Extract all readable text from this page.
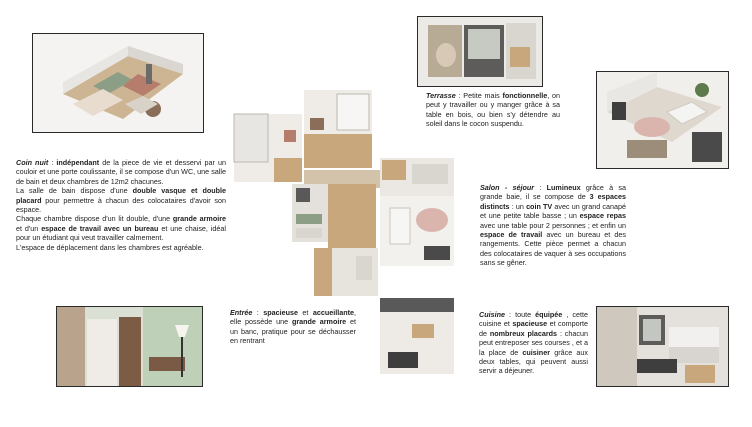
Coin nuit : indépendant de la piece de vie et desservi par un couloir et une porte coulissante, il se compose d'un WC, une salle de bain et deux chambres de 12m2 chacunes.
La salle de bain dispose d'une double vasque et double placard pour permettre à chacun des colocataires d'avoir son espace.
Chaque chambre dispose d'un lit double, d'une grande armoire et d'un espace de travail avec un bureau et une chaise, idéal pour un étudiant qui veut travailler calmement.
L'espace de déplacement dans les chambres est agréable.
Terrasse : Petite mais fonctionnelle, on peut y travailler ou y manger grâce à sa table en bois, ou bien s'y détendre au soleil dans le cocon suspendu.
Salon - séjour : Lumineux grâce à sa grande baie, il se compose de 3 espaces distincts : un coin TV avec un grand canapé et une petite table basse ; un espace repas avec une table pour 2 personnes ; et enfin un espace de travail avec un bureau et des rangements. Cette pièce permet a chacun des colocataires de vaquer à ses occupations sans se gêner.
Entrée : spacieuse et accueillante, elle possède une grande armoire et un banc, pratique pour se déchausser en rentrant
Cuisine : toute équipée , cette cuisine et spacieuse et comporte de nombreux placards : chacun peut entreposer ses courses , et a la place de cuisiner grâce aux deux tables, qui peuvent aussi servir a déjeuner.
